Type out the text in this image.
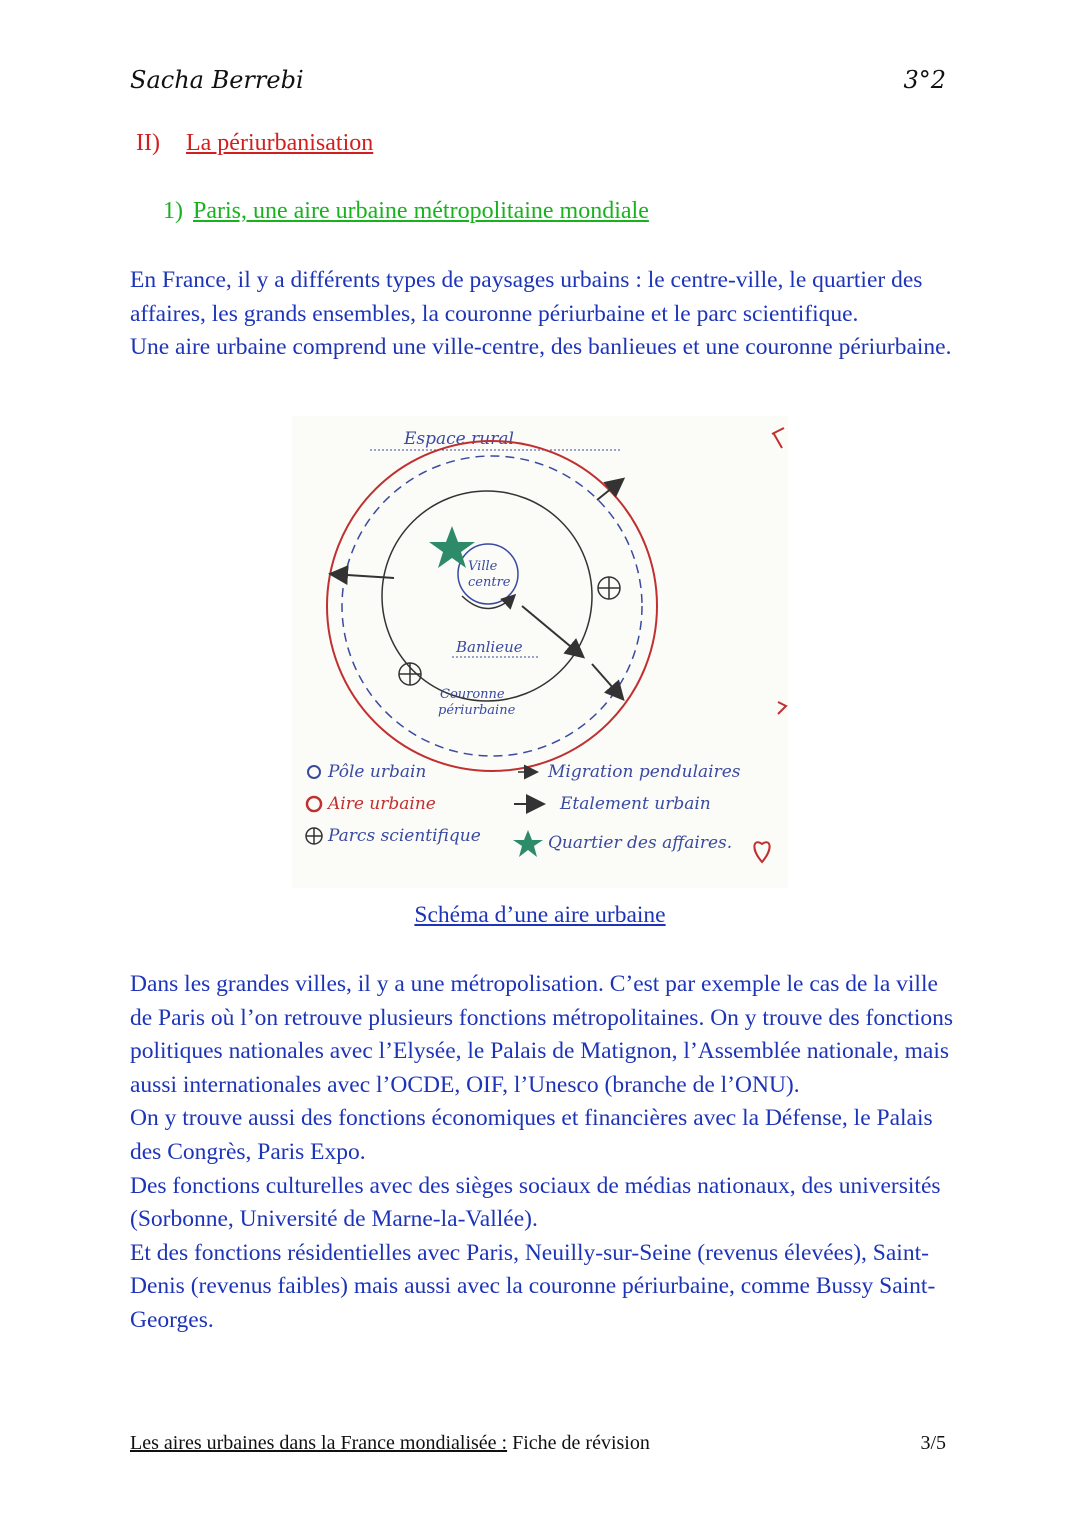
Sacha Berrebi	3°2
II) La périurbanisation
1) Paris, une aire urbaine métropolitaine mondiale

En France, il y a différents types de paysages urbains : le centre-ville, le quartier des affaires, les grands ensembles, la couronne périurbaine et le parc scientifique.

Une aire urbaine comprend une ville-centre, des banlieues et une couronne périurbaine.

Espace rural
Ville
centre
Banlieue
Couronne
périurbaine
Pôle urbain
Aire urbaine
Parcs scientifique
Migration pendulaires
Etalement urbain
Quartier des affaires.
Schéma d’une aire urbaine

Dans les grandes villes, il y a une métropolisation. C’est par exemple le cas de la ville de Paris où l’on retrouve plusieurs fonctions métropolitaines. On y trouve des fonctions politiques nationales avec l’Elysée, le Palais de Matignon, l’Assemblée nationale, mais aussi internationales avec l’OCDE, OIF, l’Unesco (branche de l’ONU).

On y trouve aussi des fonctions économiques et financières avec la Défense, le Palais des Congrès, Paris Expo.

Des fonctions culturelles avec des sièges sociaux de médias nationaux, des universités (Sorbonne, Université de Marne-la-Vallée).

Et des fonctions résidentielles avec Paris, Neuilly-sur-Seine (revenus élevées), Saint-Denis (revenus faibles) mais aussi avec la couronne périurbaine, comme Bussy Saint-Georges.

Les aires urbaines dans la France mondialisée : Fiche de révision	3/5
